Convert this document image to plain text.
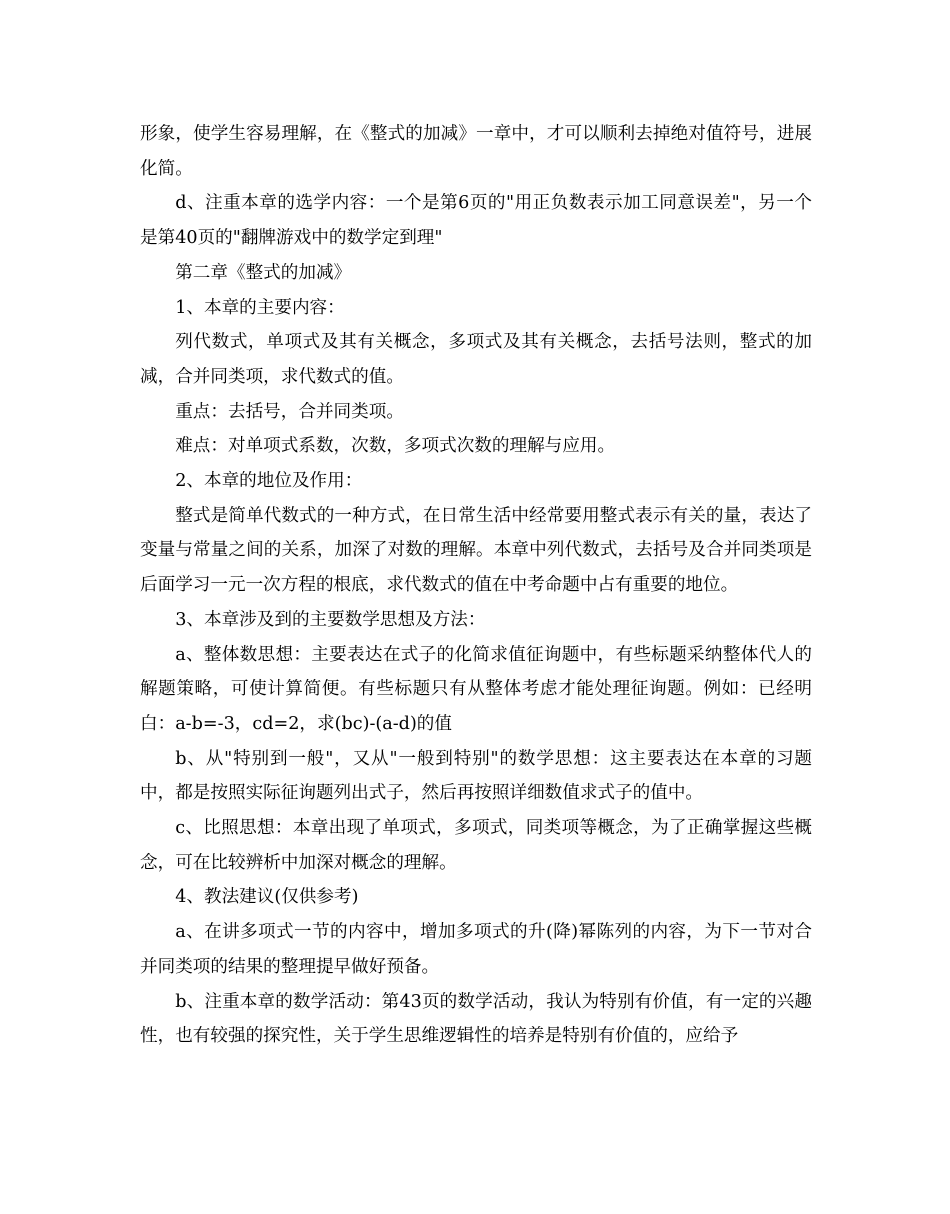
形象，使学生容易理解，在《整式的加减》一章中，才可以顺利去掉绝对值符号，进展化简。

d、注重本章的选学内容：一个是第6页的"用正负数表示加工同意误差"，另一个是第40页的"翻牌游戏中的数学定到理"

第二章《整式的加减》

1、本章的主要内容：

列代数式，单项式及其有关概念，多项式及其有关概念，去括号法则，整式的加减，合并同类项，求代数式的值。

重点：去括号，合并同类项。

难点：对单项式系数，次数，多项式次数的理解与应用。

2、本章的地位及作用：

整式是简单代数式的一种方式，在日常生活中经常要用整式表示有关的量，表达了变量与常量之间的关系，加深了对数的理解。本章中列代数式，去括号及合并同类项是后面学习一元一次方程的根底，求代数式的值在中考命题中占有重要的地位。

3、本章涉及到的主要数学思想及方法：

a、整体数思想：主要表达在式子的化简求值征询题中，有些标题采纳整体代人的解题策略，可使计算简便。有些标题只有从整体考虑才能处理征询题。例如：已经明白：a-b=-3，cd=2，求(bc)-(a-d)的值

b、从"特别到一般"，又从"一般到特别"的数学思想：这主要表达在本章的习题中，都是按照实际征询题列出式子，然后再按照详细数值求式子的值中。

c、比照思想：本章出现了单项式，多项式，同类项等概念，为了正确掌握这些概念，可在比较辨析中加深对概念的理解。

4、教法建议(仅供参考)

a、在讲多项式一节的内容中，增加多项式的升(降)幂陈列的内容，为下一节对合并同类项的结果的整理提早做好预备。

b、注重本章的数学活动：第43页的数学活动，我认为特别有价值，有一定的兴趣性，也有较强的探究性，关于学生思维逻辑性的培养是特别有价值的，应给予
